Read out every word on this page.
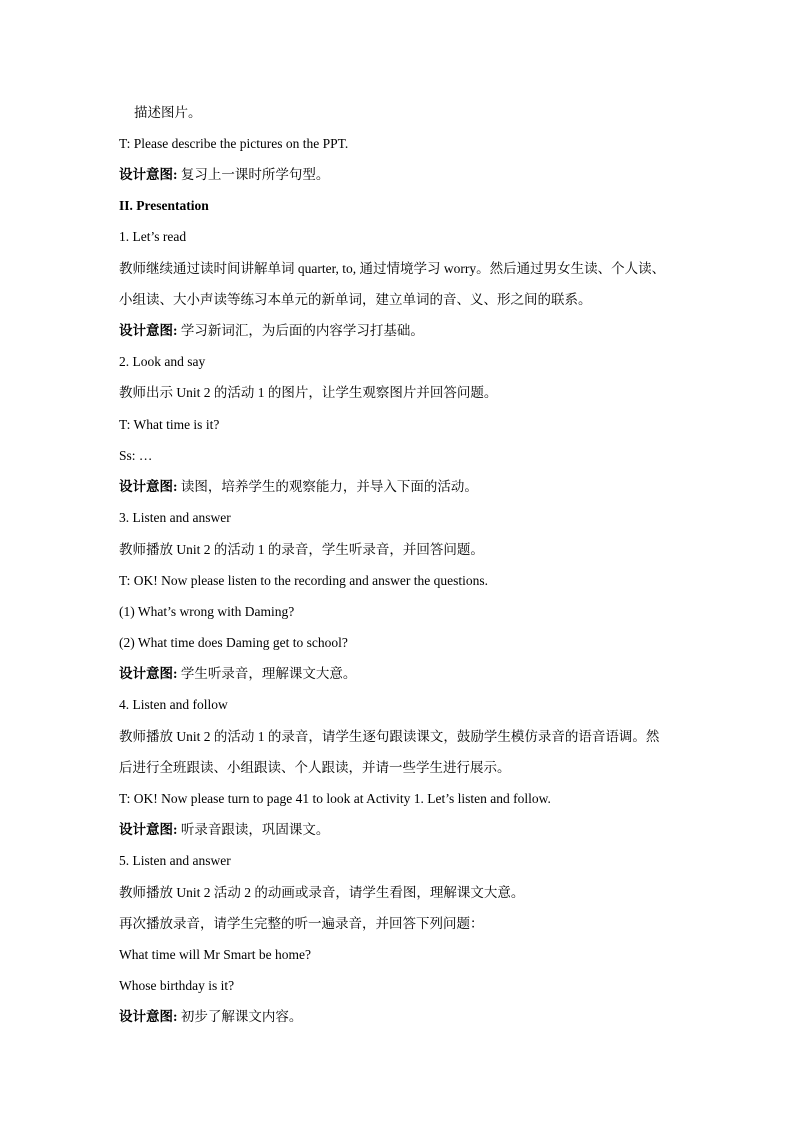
描述图片。
T: Please describe the pictures on the PPT.
设计意图: 复习上一课时所学句型。
II. Presentation
1. Let’s read
教师继续通过读时间讲解单词 quarter, to, 通过情境学习 worry。然后通过男女生读、个人读、
小组读、大小声读等练习本单元的新单词，建立单词的音、义、形之间的联系。
设计意图: 学习新词汇，为后面的内容学习打基础。
2. Look and say
教师出示 Unit 2 的活动 1 的图片，让学生观察图片并回答问题。
T: What time is it?
Ss: …
设计意图: 读图，培养学生的观察能力，并导入下面的活动。
3. Listen and answer
教师播放 Unit 2 的活动 1 的录音，学生听录音，并回答问题。
T: OK! Now please listen to the recording and answer the questions.
(1) What’s wrong with Daming?
(2) What time does Daming get to school?
设计意图: 学生听录音，理解课文大意。
4. Listen and follow
教师播放 Unit 2 的活动 1 的录音，请学生逐句跟读课文，鼓励学生模仿录音的语音语调。然
后进行全班跟读、小组跟读、个人跟读，并请一些学生进行展示。
T: OK! Now please turn to page 41 to look at Activity 1. Let’s listen and follow.
设计意图: 听录音跟读，巩固课文。
5. Listen and answer
教师播放 Unit 2 活动 2 的动画或录音，请学生看图，理解课文大意。
再次播放录音，请学生完整的听一遍录音，并回答下列问题：
What time will Mr Smart be home?
Whose birthday is it?
设计意图: 初步了解课文内容。
